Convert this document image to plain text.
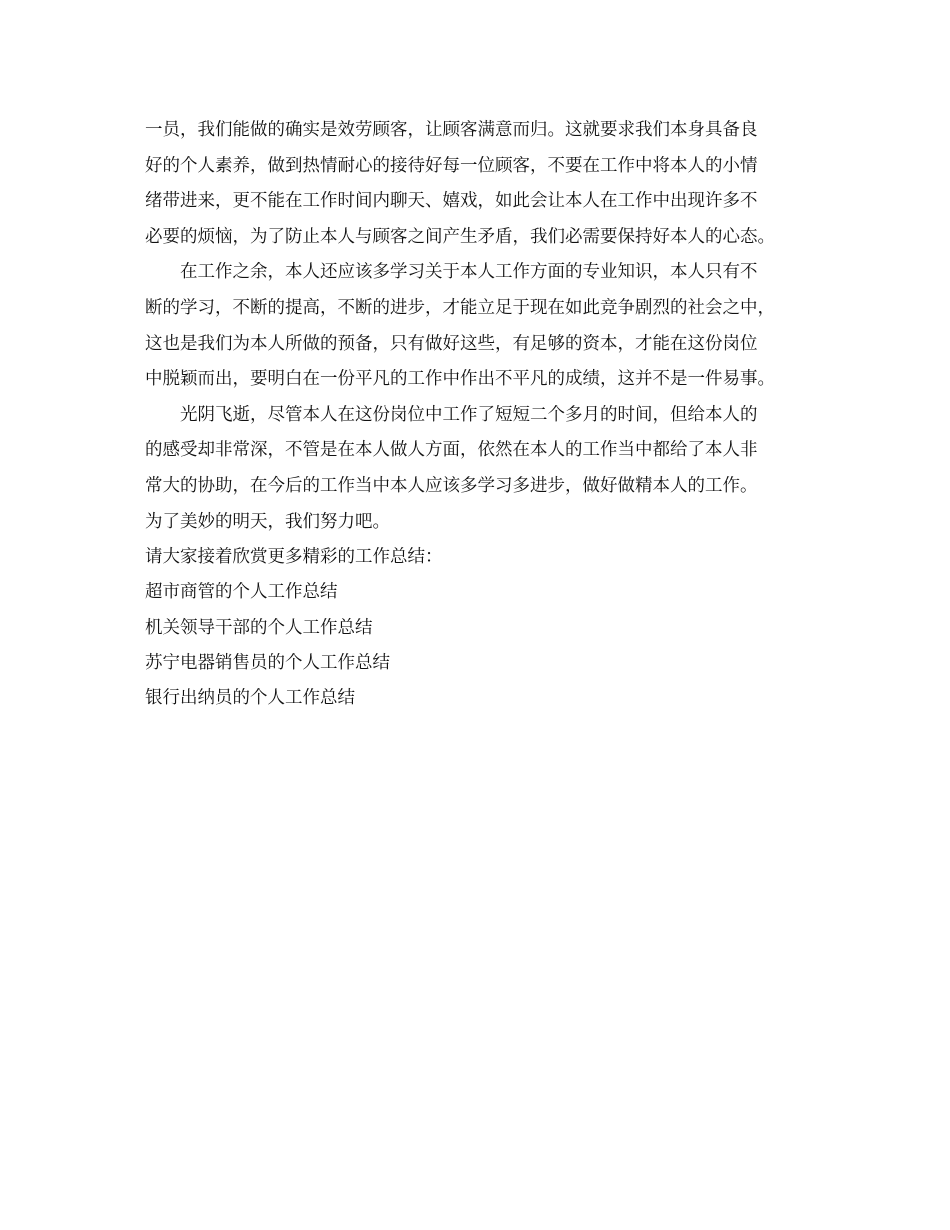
一员，我们能做的确实是效劳顾客，让顾客满意而归。这就要求我们本身具备良
好的个人素养，做到热情耐心的接待好每一位顾客，不要在工作中将本人的小情
绪带进来，更不能在工作时间内聊天、嬉戏，如此会让本人在工作中出现许多不
必要的烦恼，为了防止本人与顾客之间产生矛盾，我们必需要保持好本人的心态。
　　在工作之余，本人还应该多学习关于本人工作方面的专业知识，本人只有不
断的学习，不断的提高，不断的进步，才能立足于现在如此竞争剧烈的社会之中，
这也是我们为本人所做的预备，只有做好这些，有足够的资本，才能在这份岗位
中脱颖而出，要明白在一份平凡的工作中作出不平凡的成绩，这并不是一件易事。
　　光阴飞逝，尽管本人在这份岗位中工作了短短二个多月的时间，但给本人的
的感受却非常深，不管是在本人做人方面，依然在本人的工作当中都给了本人非
常大的协助，在今后的工作当中本人应该多学习多进步，做好做精本人的工作。
为了美妙的明天，我们努力吧。
请大家接着欣赏更多精彩的工作总结：
超市商管的个人工作总结
机关领导干部的个人工作总结
苏宁电器销售员的个人工作总结
银行出纳员的个人工作总结
